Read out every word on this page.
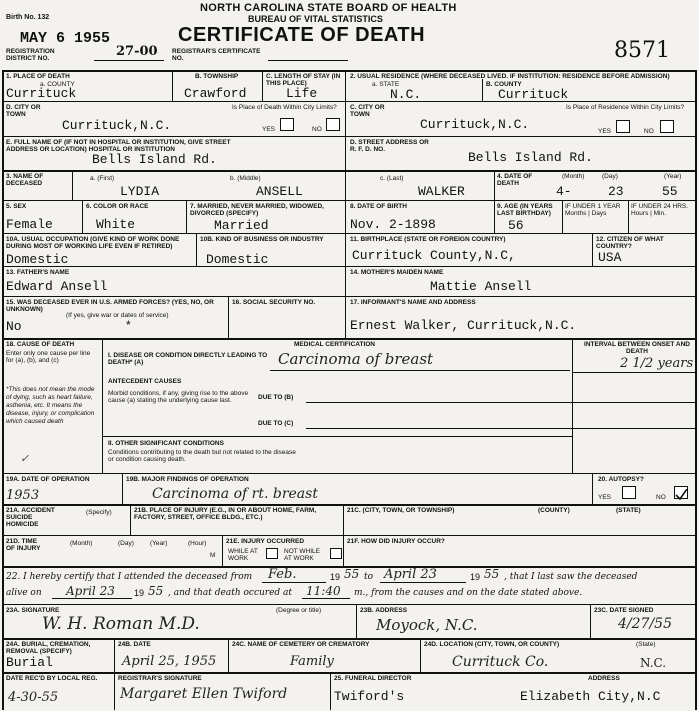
Birth No. 132
NORTH CAROLINA STATE BOARD OF HEALTH
BUREAU OF VITAL STATISTICS
CERTIFICATE OF DEATH
MAY 6 1955
REGISTRATION DISTRICT NO.	27-00 REGISTRAR'S CERTIFICATE NO.	8571
1. PLACE OF DEATH
a. COUNTY
Currituck
B. TOWNSHIP
Crawford
C. LENGTH OF STAY (IN THIS PLACE)
Life
2. USUAL RESIDENCE (WHERE DECEASED LIVED. IF INSTITUTION: RESIDENCE BEFORE ADMISSION)
a. STATE
N.C.
B. COUNTY
Currituck
D. CITY OR TOWN
Currituck,N.C.
Is Place of Death Within City Limits?
YES	NO
C. CITY OR TOWN
Currituck,N.C.
Is Place of Residence Within City Limits?
YES	NO
E. FULL NAME OF (IF NOT IN HOSPITAL OR INSTITUTION, GIVE STREET ADDRESS OR LOCATION) HOSPITAL OR INSTITUTION
Bells Island Rd.
D. STREET ADDRESS OR R. F. D. NO.
Bells Island Rd.
3. NAME OF DECEASED
a. (First)
LYDIA
b. (Middle)
ANSELL
c. (Last)
WALKER
4. DATE OF DEATH
(Month)	(Day)	(Year)
4-	23	55
5. SEX
Female
6. COLOR OR RACE
White
7. MARRIED, NEVER MARRIED, WIDOWED, DIVORCED (SPECIFY)
Married
8. DATE OF BIRTH
Nov. 2-1898
9. AGE (IN YEARS LAST BIRTHDAY)
56
IF UNDER 1 YEAR Months | Days
IF UNDER 24 HRS. Hours | Min.
10A. USUAL OCCUPATION (GIVE KIND OF WORK DONE DURING MOST OF WORKING LIFE EVEN IF RETIRED)
Domestic
10B. KIND OF BUSINESS OR INDUSTRY
Domestic
11. BIRTHPLACE (STATE OR FOREIGN COUNTRY)
Currituck County,N.C,
12. CITIZEN OF WHAT COUNTRY?
USA
13. FATHER'S NAME
Edward Ansell
14. MOTHER'S MAIDEN NAME
Mattie Ansell
15. WAS DECEASED EVER IN U.S. ARMED FORCES? (YES, NO, OR UNKNOWN)
(If yes, give war or dates of service)
No	*
16. SOCIAL SECURITY NO.	17. INFORMANT'S NAME AND ADDRESS
Ernest Walker, Currituck,N.C.
18. CAUSE OF DEATH
Enter only one cause per line for (a), (b), and (c)
*This does not mean the mode of dying, such as heart failure, asthenia, etc. It means the disease, injury, or complication which caused death
✓
MEDICAL CERTIFICATION
I. DISEASE OR CONDITION DIRECTLY LEADING TO DEATH* (A)	Carcinoma of breast
INTERVAL BETWEEN ONSET AND DEATH
2 1/2 years
ANTECEDENT CAUSES
Morbid conditions, if any, giving rise to the above cause (a) stating the underlying cause last.	DUE TO (B)
DUE TO (C)
II. OTHER SIGNIFICANT CONDITIONS
Conditions contributing to the death but not related to the disease or condition causing death.
19A. DATE OF OPERATION
1953
19B. MAJOR FINDINGS OF OPERATION
Carcinoma of rt. breast
20. AUTOPSY?
YES	NO
21A. ACCIDENT SUICIDE HOMICIDE
(Specify)	21B. PLACE OF INJURY (E.G., IN OR ABOUT HOME, FARM, FACTORY, STREET, OFFICE BLDG., ETC.)
21C. (CITY, TOWN, OR TOWNSHIP)	(COUNTY)	(STATE)
21D. TIME OF INJURY
(Month)	(Day) (Year)	(Hour)
M
21E. INJURY OCCURRED
WHILE AT WORK
NOT WHILE AT WORK
21F. HOW DID INJURY OCCUR?
22. I hereby certify that I attended the deceased from Feb.	19 55 to April 23	19 55 , that I last saw the deceased
alive on April 23 19 55 , and that death occured at 11:40 m., from the causes and on the date stated above.
23A. SIGNATURE	(Degree or title)
W. H. Roman M.D.
23B. ADDRESS
Moyock, N.C.
23C. DATE SIGNED
4/27/55
24A. BURIAL, CREMATION, REMOVAL (SPECIFY)
Burial
24B. DATE
April 25, 1955
24C. NAME OF CEMETERY OR CREMATORY
Family
24D. LOCATION (CITY, TOWN, OR COUNTY)	(State)
Currituck Co.	N.C.
DATE REC'D BY LOCAL REG.
4-30-55
REGISTRAR'S SIGNATURE
Margaret Ellen Twiford
25. FUNERAL DIRECTOR
Twiford's
ADDRESS
Elizabeth City,N.C
